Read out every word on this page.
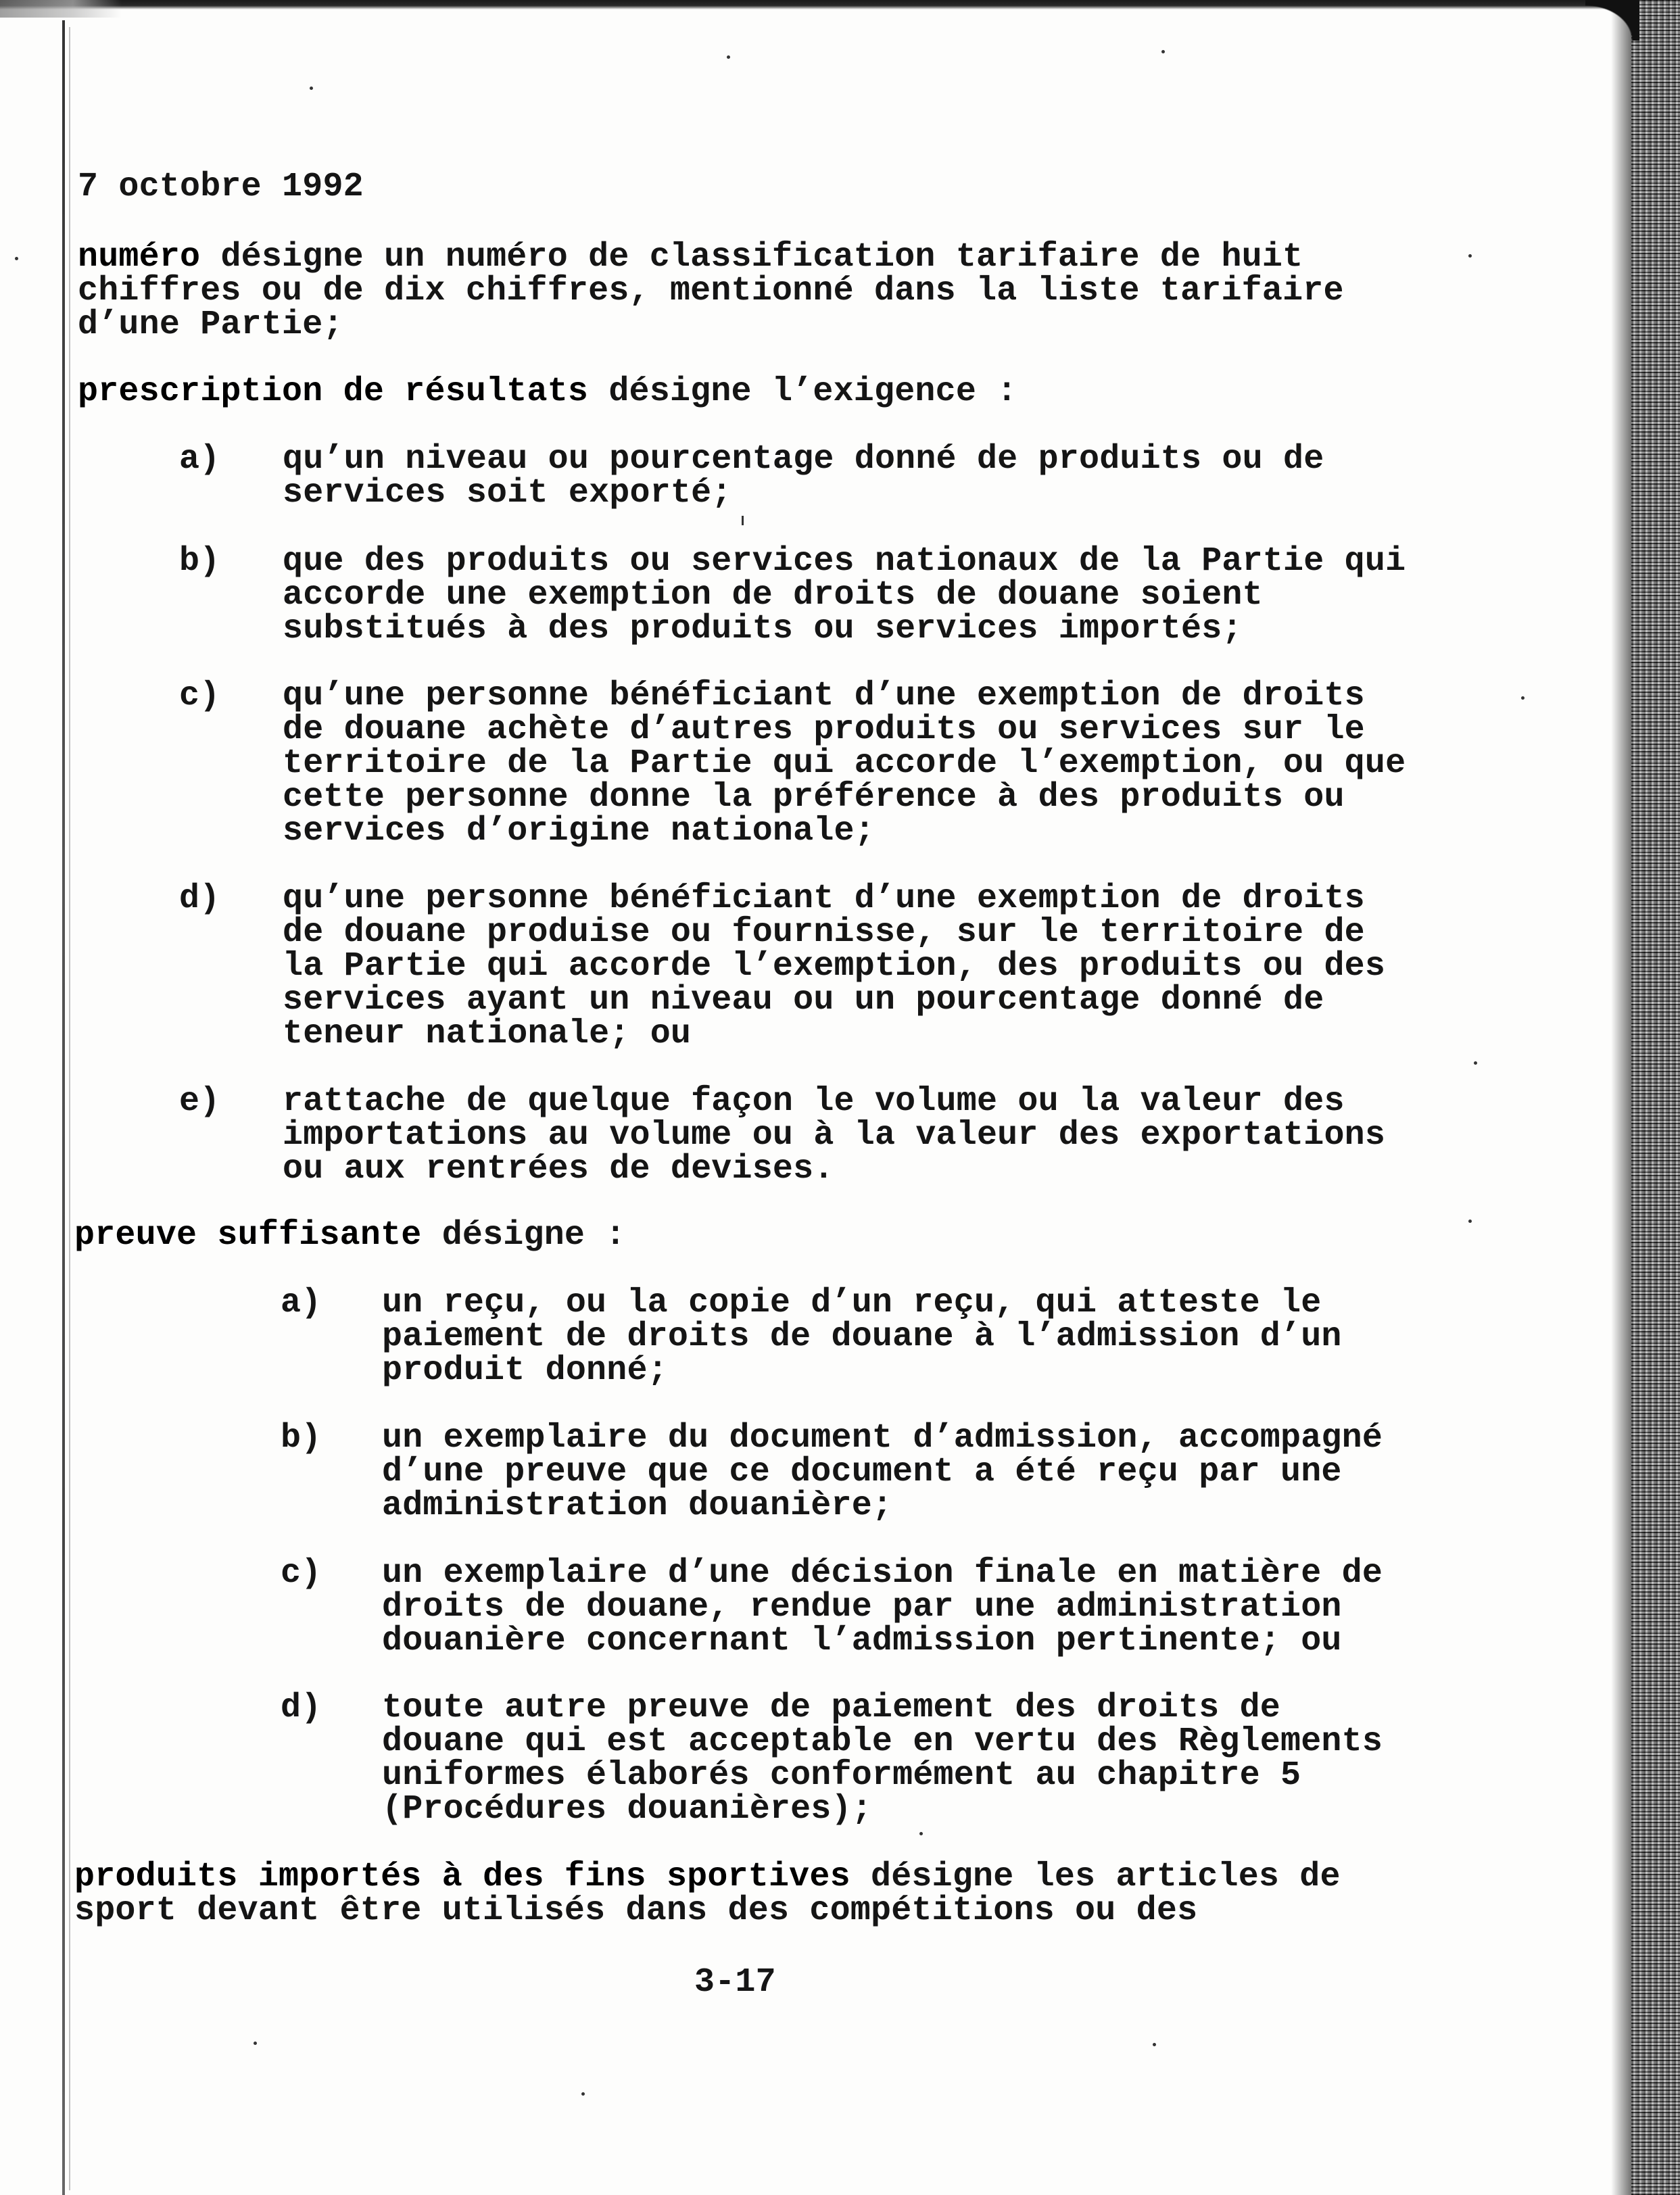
7 octobre 1992

numéro désigne un numéro de classification tarifaire de huit

chiffres ou de dix chiffres, mentionné dans la liste tarifaire

d’une Partie;

prescription de résultats désigne l’exigence :

a) qu’un niveau ou pourcentage donné de produits ou de

services soit exporté;

b) que des produits ou services nationaux de la Partie qui

accorde une exemption de droits de douane soient

substitués à des produits ou services importés;

c) qu’une personne bénéficiant d’une exemption de droits

de douane achète d’autres produits ou services sur le

territoire de la Partie qui accorde l’exemption, ou que

cette personne donne la préférence à des produits ou

services d’origine nationale;

d) qu’une personne bénéficiant d’une exemption de droits

de douane produise ou fournisse, sur le territoire de

la Partie qui accorde l’exemption, des produits ou des

services ayant un niveau ou un pourcentage donné de

teneur nationale; ou

e) rattache de quelque façon le volume ou la valeur des

importations au volume ou à la valeur des exportations

ou aux rentrées de devises.

preuve suffisante désigne :

a) un reçu, ou la copie d’un reçu, qui atteste le

paiement de droits de douane à l’admission d’un

produit donné;

b) un exemplaire du document d’admission, accompagné

d’une preuve que ce document a été reçu par une

administration douanière;

c) un exemplaire d’une décision finale en matière de

droits de douane, rendue par une administration

douanière concernant l’admission pertinente; ou

d) toute autre preuve de paiement des droits de

douane qui est acceptable en vertu des Règlements

uniformes élaborés conformément au chapitre 5

(Procédures douanières);

produits importés à des fins sportives désigne les articles de

sport devant être utilisés dans des compétitions ou des

3-17
